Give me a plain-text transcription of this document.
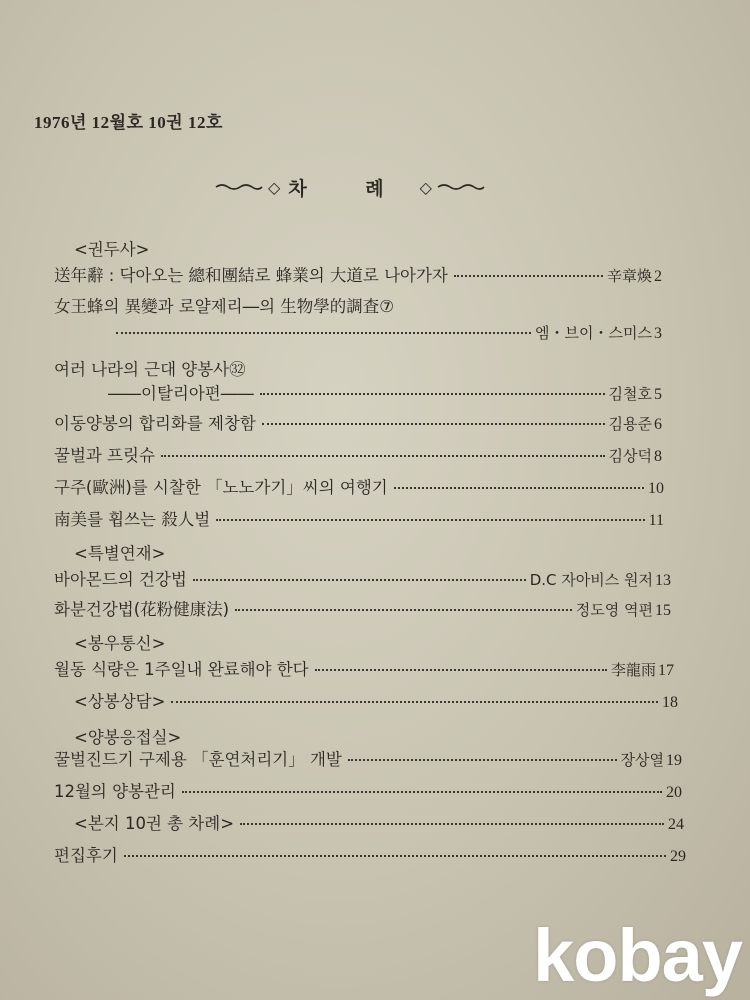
1976년 12월호 10권 12호
◇ 차 례 ◇
<권두사>
送年辭 : 닥아오는 總和團結로 蜂業의 大道로 나아가자	辛章煥 2
女王蜂의 異變과 로얄제리―의 生物學的調査⑦
엠・브이・스미스 3
여러 나라의 근대 양봉사㉜
――이탈리아편――	김철호 5
이동양봉의 합리화를 제창함	김용준 6
꿀벌과 프릿슈	김상덕 8
구주(歐洲)를 시찰한 「노노가기」씨의 여행기	10
南美를 휩쓰는 殺人벌	11
<특별연재>
바아몬드의 건강법	D.C 자아비스 원저 13
화분건강법(花粉健康法)	정도영 역편 15
<봉우통신>
월동 식량은 1주일내 완료해야 한다	李龍雨 17
<상봉상담>	18
<양봉응접실>
꿀벌진드기 구제용 「훈연처리기」 개발	장상열 19
12월의 양봉관리	20
<본지 10권 총 차례>	24
편집후기	29
kobay
